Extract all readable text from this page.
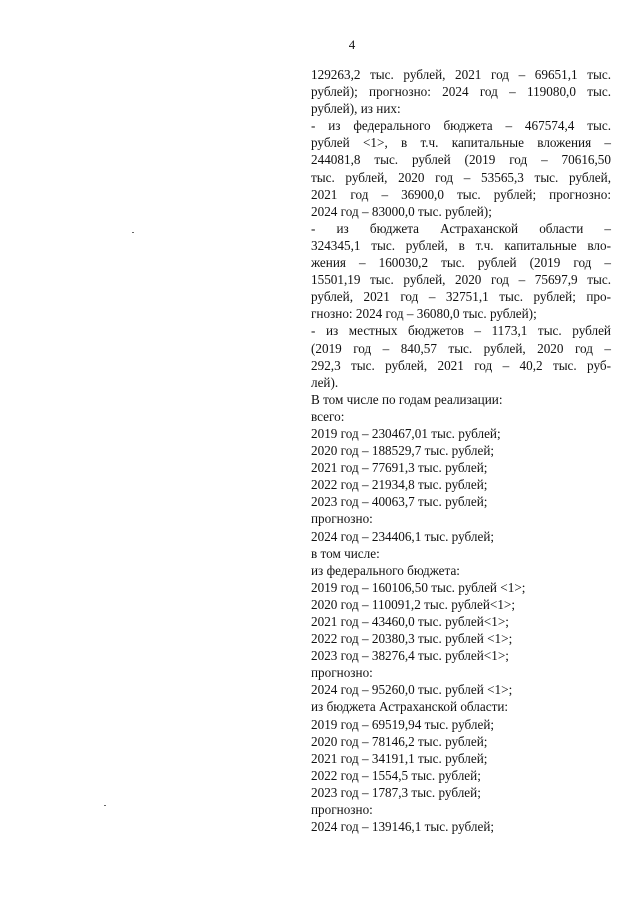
4
129263,2 тыс. рублей, 2021 год – 69651,1 тыс.
рублей); прогнозно: 2024 год – 119080,0 тыс.
рублей), из них:
- из федерального бюджета – 467574,4 тыс.
рублей <1>, в т.ч. капитальные вложения –
244081,8 тыс. рублей (2019 год – 70616,50
тыс. рублей, 2020 год – 53565,3 тыс. рублей,
2021 год – 36900,0 тыс. рублей; прогнозно:
2024 год – 83000,0 тыс. рублей);
- из бюджета Астраханской области –
324345,1 тыс. рублей, в т.ч. капитальные вло-
жения – 160030,2 тыс. рублей (2019 год –
15501,19 тыс. рублей, 2020 год – 75697,9 тыс.
рублей, 2021 год – 32751,1 тыс. рублей; про-
гнозно: 2024 год – 36080,0 тыс. рублей);
- из местных бюджетов – 1173,1 тыс. рублей
(2019 год – 840,57 тыс. рублей, 2020 год –
292,3 тыс. рублей, 2021 год – 40,2 тыс. руб-
лей).
В том числе по годам реализации:
всего:
2019 год – 230467,01 тыс. рублей;
2020 год – 188529,7 тыс. рублей;
2021 год – 77691,3 тыс. рублей;
2022 год – 21934,8 тыс. рублей;
2023 год – 40063,7 тыс. рублей;
прогнозно:
2024 год – 234406,1 тыс. рублей;
в том числе:
из федерального бюджета:
2019 год – 160106,50 тыс. рублей <1>;
2020 год – 110091,2 тыс. рублей<1>;
2021 год – 43460,0 тыс. рублей<1>;
2022 год – 20380,3 тыс. рублей <1>;
2023 год – 38276,4 тыс. рублей<1>;
прогнозно:
2024 год – 95260,0 тыс. рублей <1>;
из бюджета Астраханской области:
2019 год – 69519,94 тыс. рублей;
2020 год – 78146,2 тыс. рублей;
2021 год – 34191,1 тыс. рублей;
2022 год – 1554,5 тыс. рублей;
2023 год – 1787,3 тыс. рублей;
прогнозно:
2024 год – 139146,1 тыс. рублей;
